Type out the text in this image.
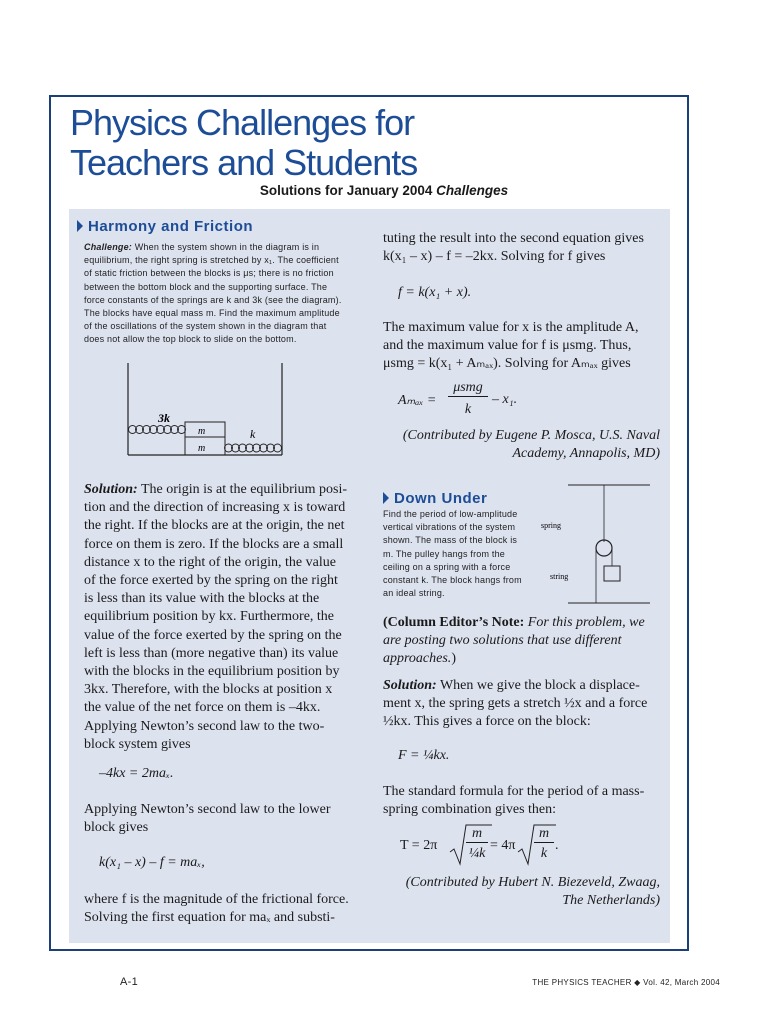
Physics Challenges for
Teachers and Students
Solutions for January 2004 Challenges
Harmony and Friction
Challenge: When the system shown in the diagram is in
equilibrium, the right spring is stretched by x₁. The coefficient
of static friction between the blocks is μs; there is no friction
between the bottom block and the supporting surface. The
force constants of the springs are k and 3k (see the diagram).
The blocks have equal mass m. Find the maximum amplitude
of the oscillations of the system shown in the diagram that
does not allow the top block to slide on the bottom.
3k
k
m
m
Solution: The origin is at the equilibrium posi-
tion and the direction of increasing x is toward
the right. If the blocks are at the origin, the net
force on them is zero. If the blocks are a small
distance x to the right of the origin, the value
of the force exerted by the spring on the right
is less than its value with the blocks at the
equilibrium position by kx. Furthermore, the
value of the force exerted by the spring on the
left is less than (more negative than) its value
with the blocks in the equilibrium position by
3kx. Therefore, with the blocks at position x
the value of the net force on them is –4kx.
Applying Newton’s second law to the two-
block system gives
–4kx = 2maₓ.
Applying Newton’s second law to the lower
block gives
k(x₁ – x) – f = maₓ,
where f is the magnitude of the frictional force.
Solving the first equation for maₓ and substi-
tuting the result into the second equation gives
k(x₁ – x) – f = –2kx. Solving for f gives
f = k(x₁ + x).
The maximum value for x is the amplitude A,
and the maximum value for f is μsmg. Thus,
μsmg = k(x₁ + Aₘₐₓ). Solving for Aₘₐₓ gives
Aₘₐₓ =
μsmg
k
– x₁.
(Contributed by Eugene P. Mosca, U.S. Naval
Academy, Annapolis, MD)
Down Under
Find the period of low-amplitude
vertical vibrations of the system
shown. The mass of the block is
m. The pulley hangs from the
ceiling on a spring with a force
constant k. The block hangs from
an ideal string.
spring
string
(Column Editor’s Note: For this problem, we
are posting two solutions that use different
approaches.)
Solution: When we give the block a displace-
ment x, the spring gets a stretch ½x and a force
½kx. This gives a force on the block:
F = ¼kx.
The standard formula for the period of a mass-
spring combination gives then:
T = 2π
m
¼k
= 4π
m
k
.
(Contributed by Hubert N. Biezeveld, Zwaag,
The Netherlands)
A-1	THE PHYSICS TEACHER ◆ Vol. 42, March 2004
